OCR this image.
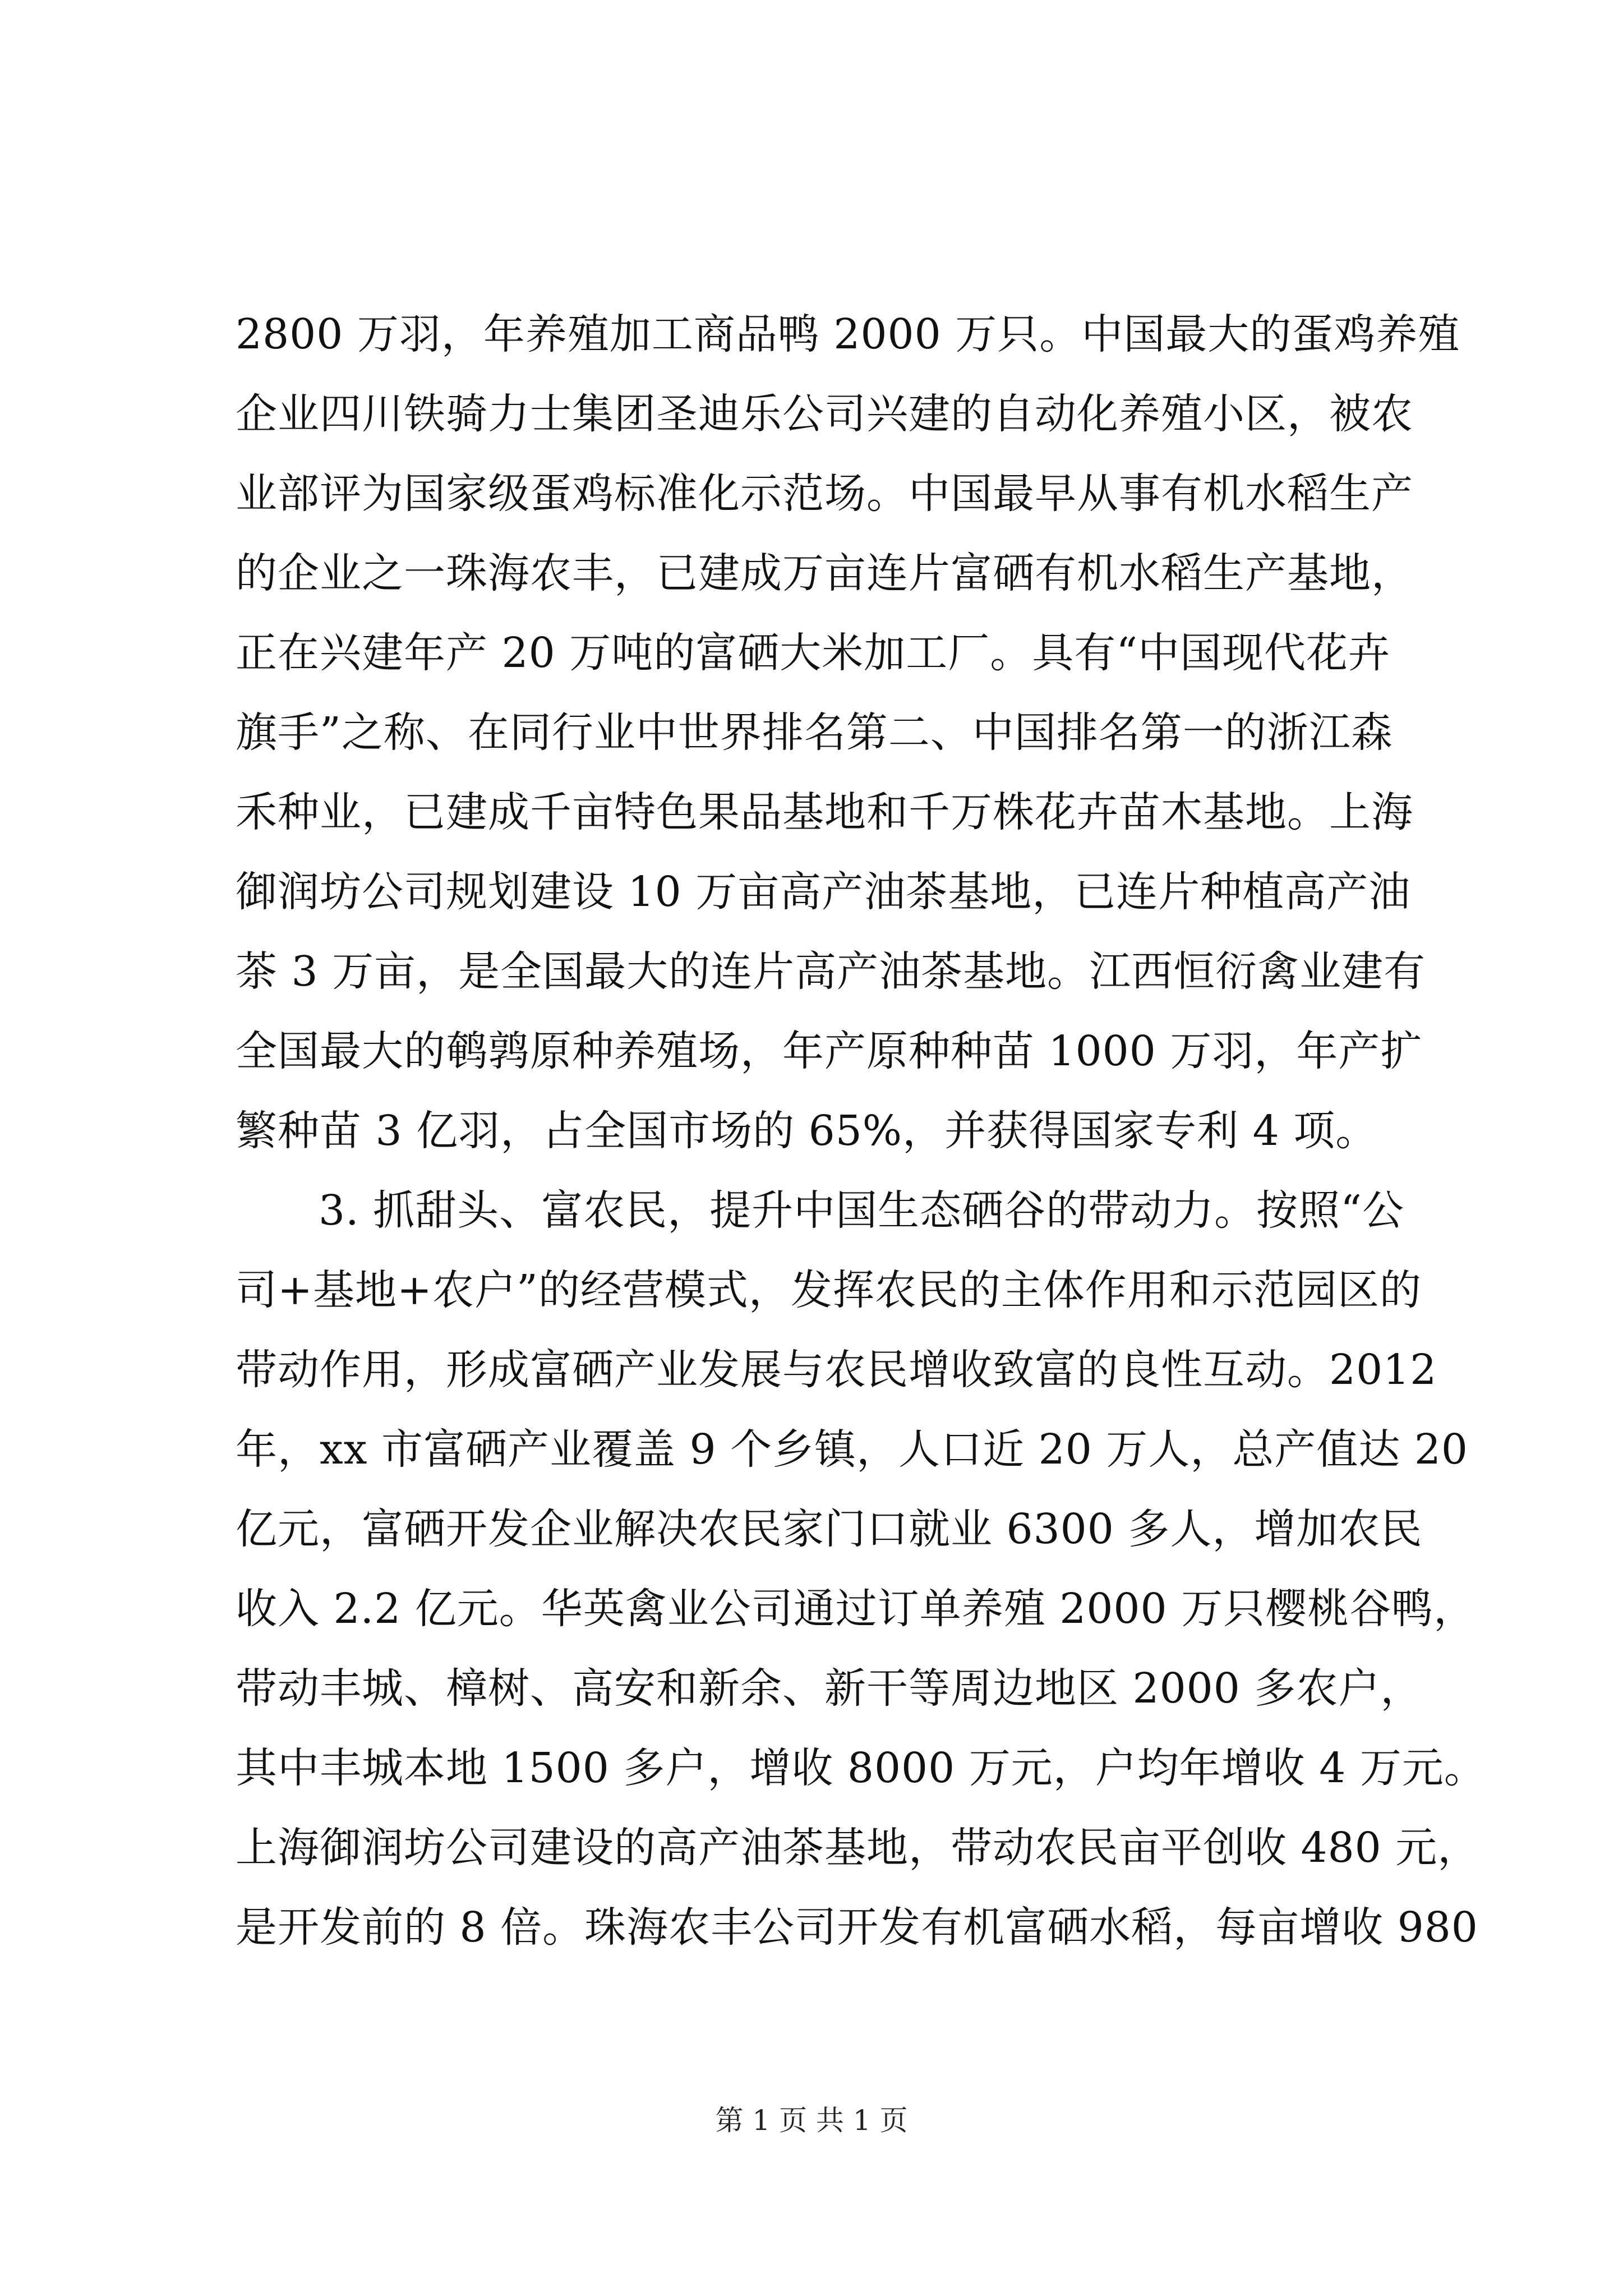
2800 万羽，年养殖加工商品鸭 2000 万只。中国最大的蛋鸡养殖
企业四川铁骑力士集团圣迪乐公司兴建的自动化养殖小区，被农
业部评为国家级蛋鸡标准化示范场。中国最早从事有机水稻生产
的企业之一珠海农丰，已建成万亩连片富硒有机水稻生产基地，
正在兴建年产 20 万吨的富硒大米加工厂。具有“中国现代花卉
旗手”之称、在同行业中世界排名第二、中国排名第一的浙江森
禾种业，已建成千亩特色果品基地和千万株花卉苗木基地。上海
御润坊公司规划建设 10 万亩高产油茶基地，已连片种植高产油
茶 3 万亩，是全国最大的连片高产油茶基地。江西恒衍禽业建有
全国最大的鹌鹑原种养殖场，年产原种种苗 1000 万羽，年产扩
繁种苗 3 亿羽，占全国市场的 65%，并获得国家专利 4 项。
3. 抓甜头、富农民，提升中国生态硒谷的带动力。按照“公
司+基地+农户”的经营模式，发挥农民的主体作用和示范园区的
带动作用，形成富硒产业发展与农民增收致富的良性互动。2012
年，xx 市富硒产业覆盖 9 个乡镇，人口近 20 万人，总产值达 20
亿元，富硒开发企业解决农民家门口就业 6300 多人，增加农民
收入 2.2 亿元。华英禽业公司通过订单养殖 2000 万只樱桃谷鸭，
带动丰城、樟树、高安和新余、新干等周边地区 2000 多农户，
其中丰城本地 1500 多户，增收 8000 万元，户均年增收 4 万元。
上海御润坊公司建设的高产油茶基地，带动农民亩平创收 480 元，
是开发前的 8 倍。珠海农丰公司开发有机富硒水稻，每亩增收 980
第 1 页 共 1 页
